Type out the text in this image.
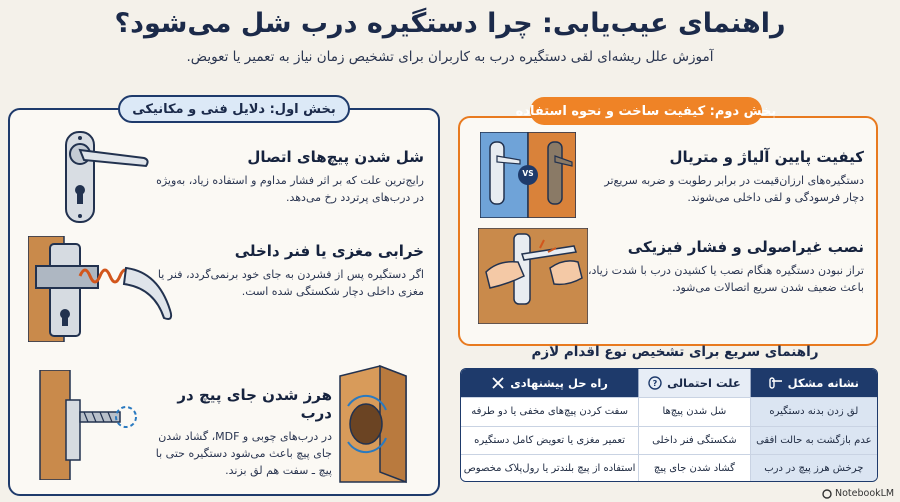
راهنمای عیب‌یابی: چرا دستگیره درب شل می‌شود؟
آموزش علل ریشه‌ای لقی دستگیره درب به کاربران برای تشخیص زمان نیاز به تعمیر یا تعویض.
بخش اول: دلایل فنی و مکانیکی
شل شدن پیچ‌های اتصال

رایج‌ترین علت که بر اثر فشار مداوم و استفاده زیاد، به‌ویژه در درب‌های پرتردد رخ می‌دهد.

خرابی مغزی یا فنر داخلی

اگر دستگیره پس از فشردن به جای خود برنمی‌گردد، فنر یا مغزی داخلی دچار شکستگی شده است.

هرز شدن جای پیچ در درب

در درب‌های چوبی و MDF، گشاد شدن جای پیچ باعث می‌شود دستگیره حتی با پیچ ـ سفت هم لق بزند.

بخش دوم: کیفیت ساخت و نحوه استفاده
VS
کیفیت پایین آلیاژ و متریال

دستگیره‌های ارزان‌قیمت در برابر رطوبت و ضربه سریع‌تر دچار فرسودگی و لقی داخلی می‌شوند.

نصب غیراصولی و فشار فیزیکی

تراز نبودن دستگیره هنگام نصب یا کشیدن درب با شدت زیاد، باعث ضعیف شدن سریع اتصالات می‌شود.

راهنمای سریع برای تشخیص نوع اقدام لازم
نشانه مشکل
علت احتمالی
?
راه حل پیشنهادی
لق زدن بدنه دستگیره
شل شدن پیچ‌ها
سفت کردن پیچ‌های مخفی یا دو طرفه
عدم بازگشت به حالت افقی
شکستگی فنر داخلی
تعمیر مغزی یا تعویض کامل دستگیره
چرخش هرز پیچ در درب
گشاد شدن جای پیچ
استفاده از پیچ بلندتر یا رول‌پلاک مخصوص
NotebookLM
